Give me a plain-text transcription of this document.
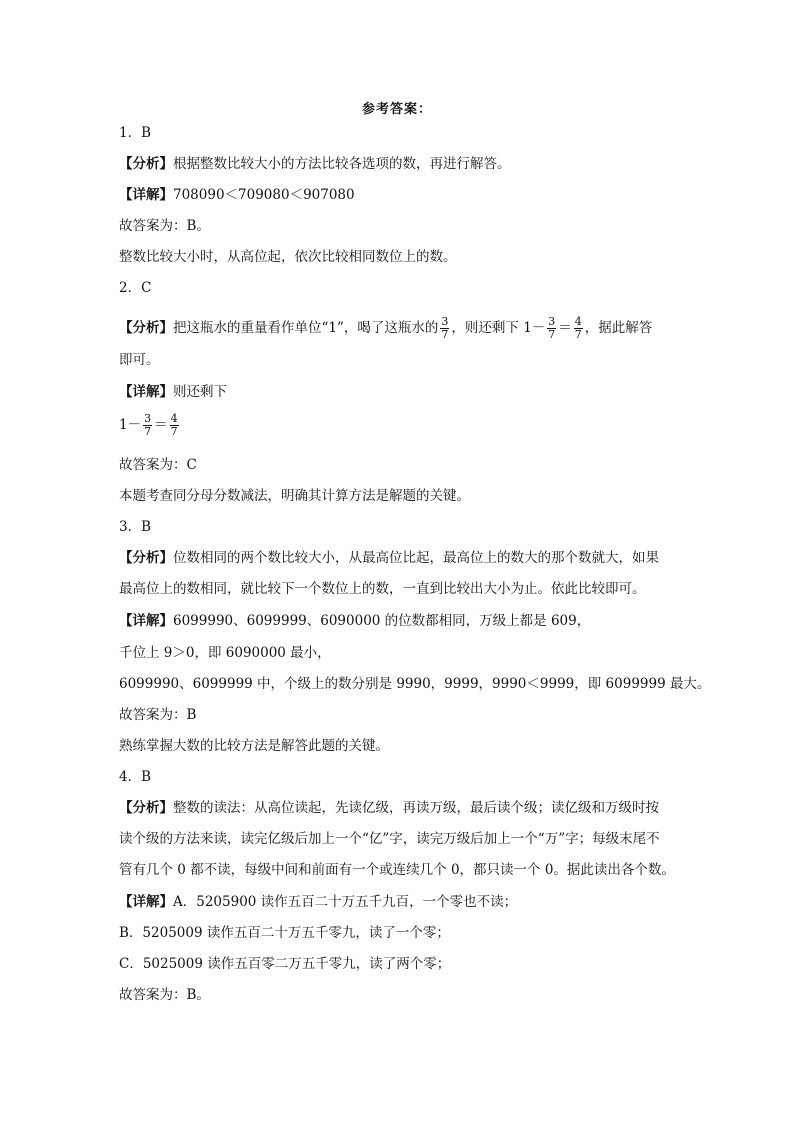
参考答案：
1．B
【分析】根据整数比较大小的方法比较各选项的数，再进行解答。
【详解】708090＜709080＜907080
故答案为：B。
整数比较大小时，从高位起，依次比较相同数位上的数。
2．C
【分析】把这瓶水的重量看作单位“1”，喝了这瓶水的 $\frac{3}{7}$ ，则还剩下 $1- \frac{3}{7} = \frac{4}{7}$ ，据此解答
即可。
【详解】则还剩下
$1- \frac{3}{7} = \frac{4}{7}$
故答案为：C
本题考查同分母分数减法，明确其计算方法是解题的关键。
3．B
【分析】位数相同的两个数比较大小，从最高位比起，最高位上的数大的那个数就大，如果
最高位上的数相同，就比较下一个数位上的数，一直到比较出大小为止。依此比较即可。
【详解】6099990、6099999、6090000 的位数都相同，万级上都是 609，
千位上 9＞0，即 6090000 最小，
6099990、6099999 中，个级上的数分别是 9990，9999，9990＜9999，即 6099999 最大。
故答案为：B
熟练掌握大数的比较方法是解答此题的关键。
4．B
【分析】整数的读法：从高位读起，先读亿级，再读万级，最后读个级；读亿级和万级时按
读个级的方法来读，读完亿级后加上一个“亿”字，读完万级后加上一个“万”字；每级末尾不
管有几个 0 都不读，每级中间和前面有一个或连续几个 0，都只读一个 0。据此读出各个数。
【详解】A．5205900 读作五百二十万五千九百，一个零也不读；
B．5205009 读作五百二十万五千零九，读了一个零；
C．5025009 读作五百零二万五千零九，读了两个零；
故答案为：B。
